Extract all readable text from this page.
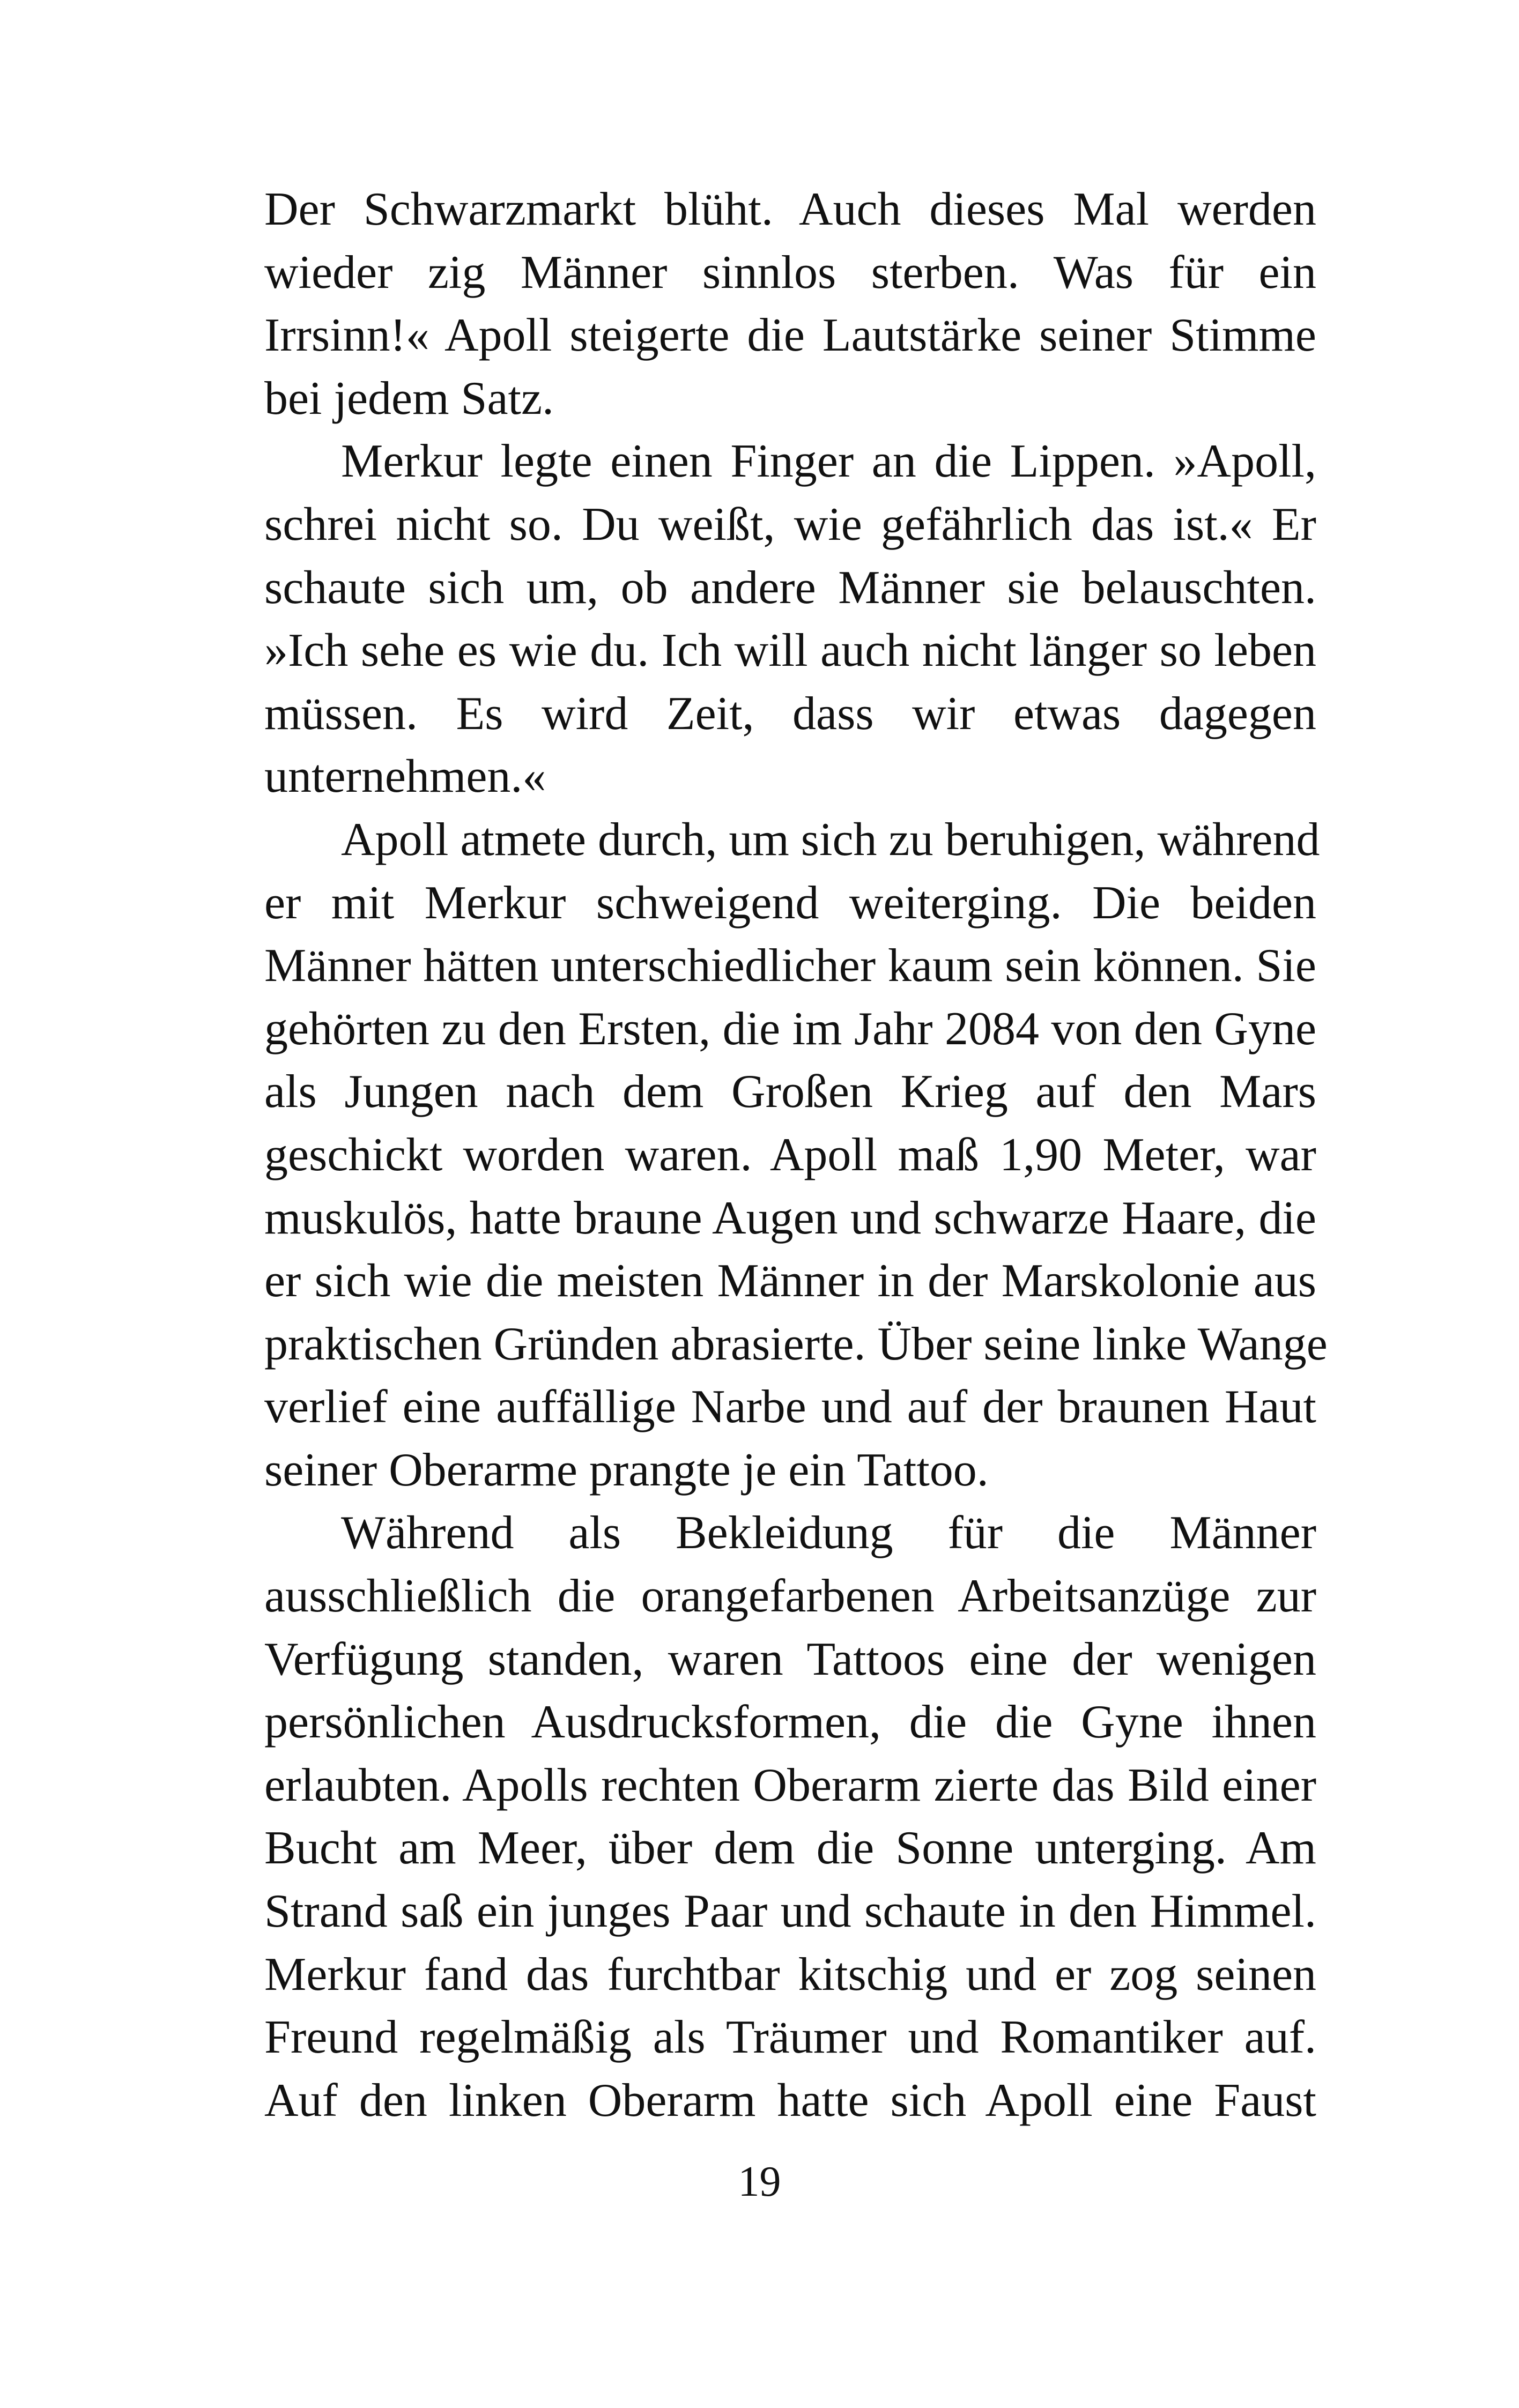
Der Schwarzmarkt blüht. Auch dieses Mal werden
wieder zig Männer sinnlos sterben. Was für ein
Irrsinn!« Apoll steigerte die Lautstärke seiner Stimme
bei jedem Satz.
Merkur legte einen Finger an die Lippen. »Apoll,
schrei nicht so. Du weißt, wie gefährlich das ist.« Er
schaute sich um, ob andere Männer sie belauschten.
»Ich sehe es wie du. Ich will auch nicht länger so leben
müssen. Es wird Zeit, dass wir etwas dagegen
unternehmen.«
Apoll atmete durch, um sich zu beruhigen, während
er mit Merkur schweigend weiterging. Die beiden
Männer hätten unterschiedlicher kaum sein können. Sie
gehörten zu den Ersten, die im Jahr 2084 von den Gyne
als Jungen nach dem Großen Krieg auf den Mars
geschickt worden waren. Apoll maß 1,90 Meter, war
muskulös, hatte braune Augen und schwarze Haare, die
er sich wie die meisten Männer in der Marskolonie aus
praktischen Gründen abrasierte. Über seine linke Wange
verlief eine auffällige Narbe und auf der braunen Haut
seiner Oberarme prangte je ein Tattoo.
Während als Bekleidung für die Männer
ausschließlich die orangefarbenen Arbeitsanzüge zur
Verfügung standen, waren Tattoos eine der wenigen
persönlichen Ausdrucksformen, die die Gyne ihnen
erlaubten. Apolls rechten Oberarm zierte das Bild einer
Bucht am Meer, über dem die Sonne unterging. Am
Strand saß ein junges Paar und schaute in den Himmel.
Merkur fand das furchtbar kitschig und er zog seinen
Freund regelmäßig als Träumer und Romantiker auf.
Auf den linken Oberarm hatte sich Apoll eine Faust
19
